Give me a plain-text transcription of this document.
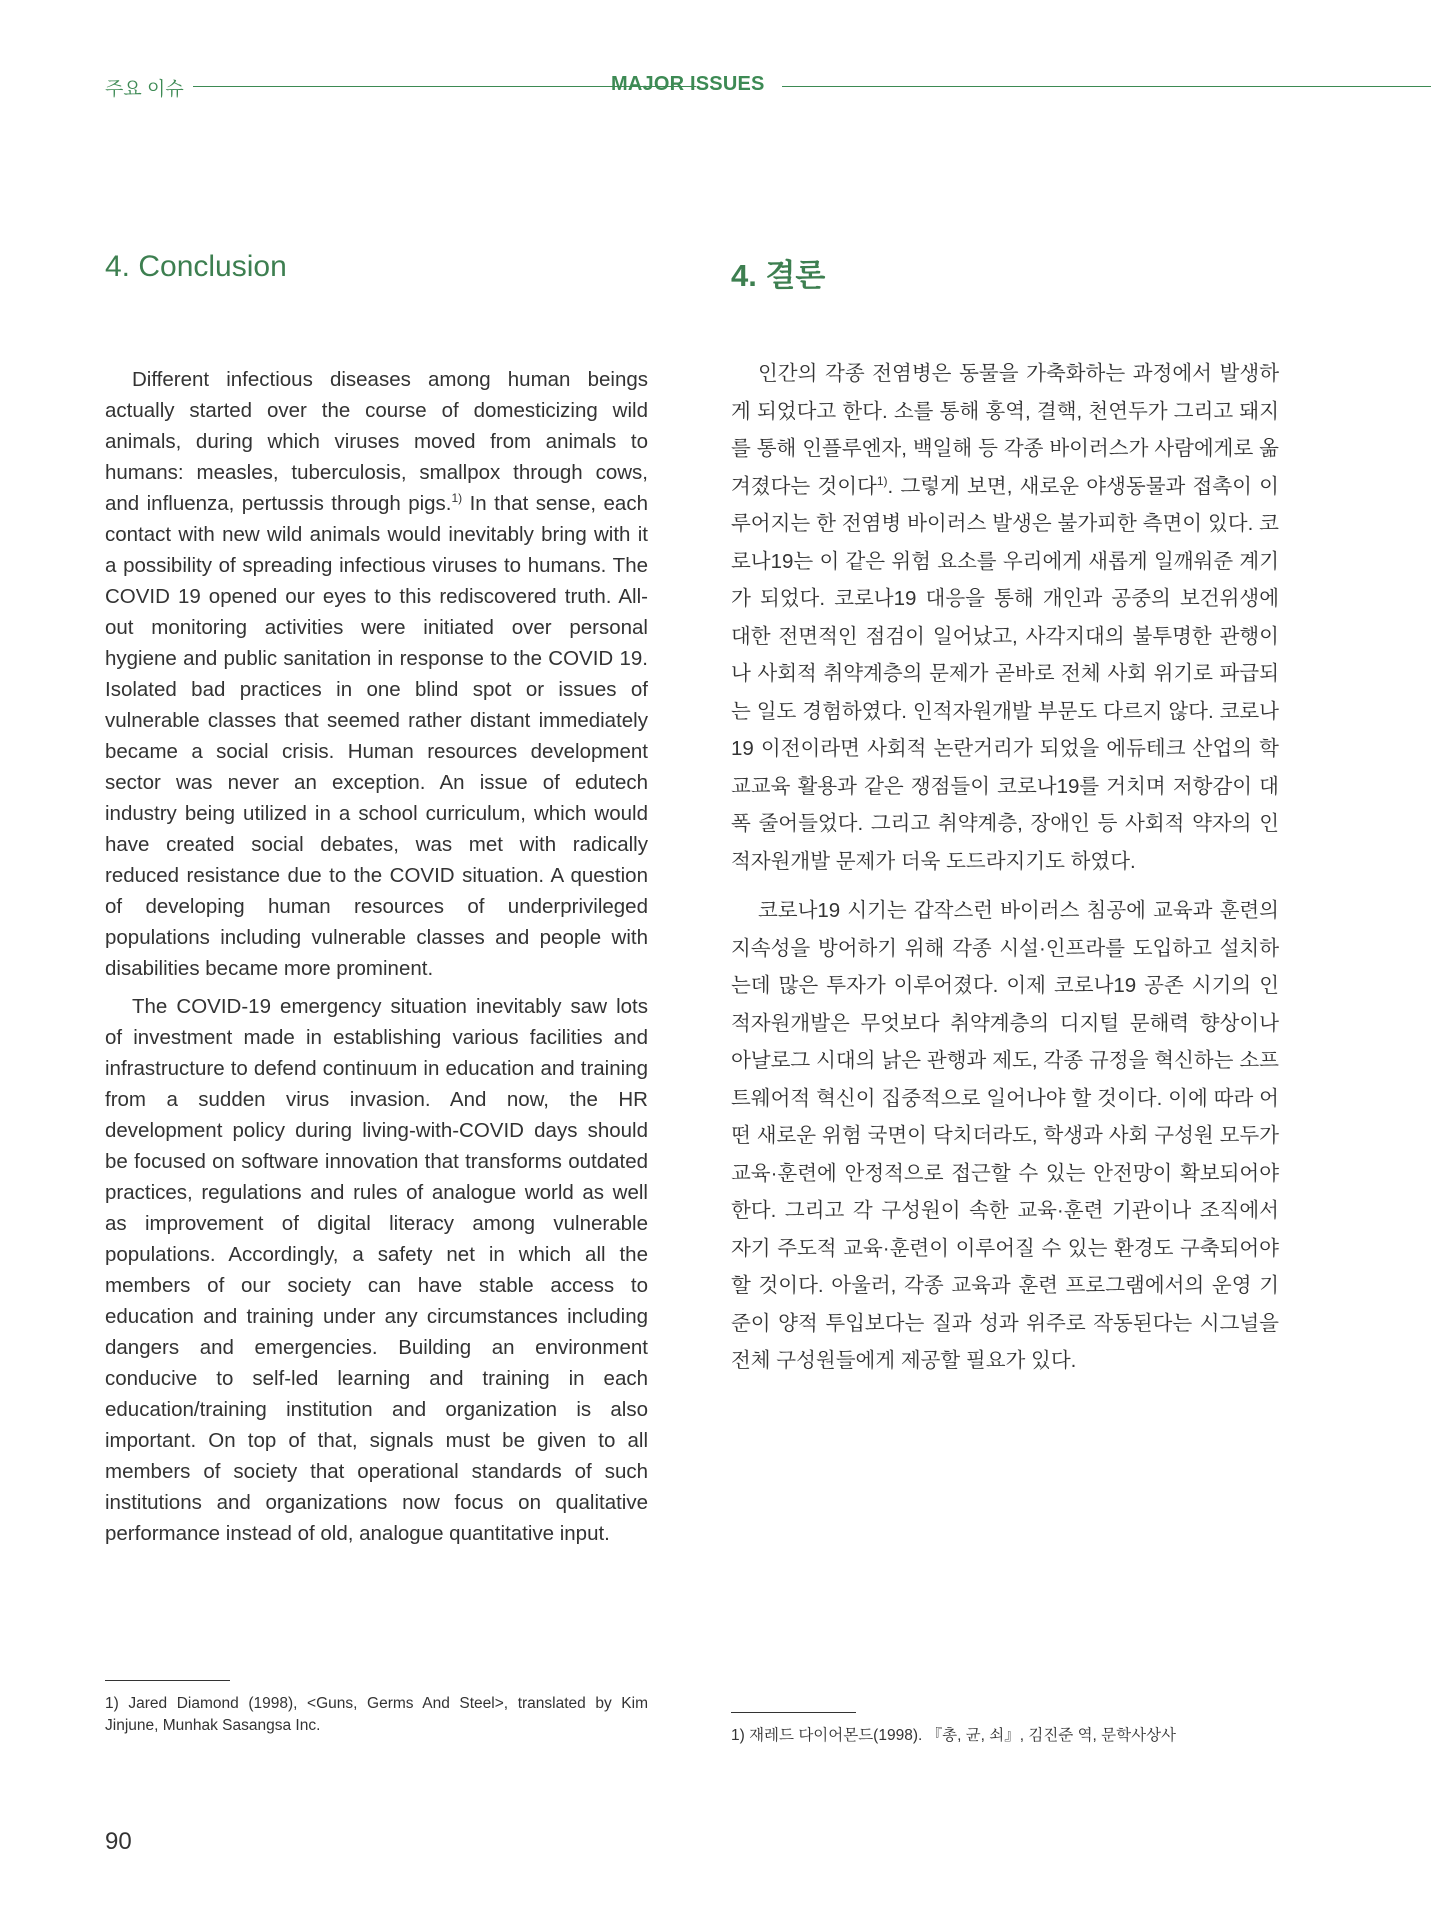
주요 이슈	MAJOR ISSUES
4. Conclusion

Different infectious diseases among human beings actually started over the course of domesticizing wild animals, during which viruses moved from animals to humans: measles, tuberculosis, smallpox through cows, and influenza, pertussis through pigs.$^{1)}$ In that sense, each contact with new wild animals would inevitably bring with it a possibility of spreading infectious viruses to humans. The COVID 19 opened our eyes to this rediscovered truth. All-out monitoring activities were initiated over personal hygiene and public sanitation in response to the COVID 19. Isolated bad practices in one blind spot or issues of vulnerable classes that seemed rather distant immediately became a social crisis. Human resources development sector was never an exception. An issue of edutech industry being utilized in a school curriculum, which would have created social debates, was met with radically reduced resistance due to the COVID situation. A question of developing human resources of underprivileged populations including vulnerable classes and people with disabilities became more prominent.

The COVID-19 emergency situation inevitably saw lots of investment made in establishing various facilities and infrastructure to defend continuum in education and training from a sudden virus invasion. And now, the HR development policy during living-with-COVID days should be focused on software innovation that transforms outdated practices, regulations and rules of analogue world as well as improvement of digital literacy among vulnerable populations. Accordingly, a safety net in which all the members of our society can have stable access to education and training under any circumstances including dangers and emergencies. Building an environment conducive to self-led learning and training in each education/training institution and organization is also important. On top of that, signals must be given to all members of society that operational standards of such institutions and organizations now focus on qualitative performance instead of old, analogue quantitative input.

4. 결론

인간의 각종 전염병은 동물을 가축화하는 과정에서 발생하게 되었다고 한다. 소를 통해 홍역, 결핵, 천연두가 그리고 돼지를 통해 인플루엔자, 백일해 등 각종 바이러스가 사람에게로 옮겨졌다는 것이다$^{1)}$. 그렇게 보면, 새로운 야생동물과 접촉이 이루어지는 한 전염병 바이러스 발생은 불가피한 측면이 있다. 코로나19는 이 같은 위험 요소를 우리에게 새롭게 일깨워준 계기가 되었다. 코로나19 대응을 통해 개인과 공중의 보건위생에 대한 전면적인 점검이 일어났고, 사각지대의 불투명한 관행이나 사회적 취약계층의 문제가 곧바로 전체 사회 위기로 파급되는 일도 경험하였다. 인적자원개발 부문도 다르지 않다. 코로나19 이전이라면 사회적 논란거리가 되었을 에듀테크 산업의 학교교육 활용과 같은 쟁점들이 코로나19를 거치며 저항감이 대폭 줄어들었다. 그리고 취약계층, 장애인 등 사회적 약자의 인적자원개발 문제가 더욱 도드라지기도 하였다.

코로나19 시기는 갑작스런 바이러스 침공에 교육과 훈련의 지속성을 방어하기 위해 각종 시설·인프라를 도입하고 설치하는데 많은 투자가 이루어졌다. 이제 코로나19 공존 시기의 인적자원개발은 무엇보다 취약계층의 디지털 문해력 향상이나 아날로그 시대의 낡은 관행과 제도, 각종 규정을 혁신하는 소프트웨어적 혁신이 집중적으로 일어나야 할 것이다. 이에 따라 어떤 새로운 위험 국면이 닥치더라도, 학생과 사회 구성원 모두가 교육·훈련에 안정적으로 접근할 수 있는 안전망이 확보되어야 한다. 그리고 각 구성원이 속한 교육·훈련 기관이나 조직에서 자기 주도적 교육·훈련이 이루어질 수 있는 환경도 구축되어야 할 것이다. 아울러, 각종 교육과 훈련 프로그램에서의 운영 기준이 양적 투입보다는 질과 성과 위주로 작동된다는 시그널을 전체 구성원들에게 제공할 필요가 있다.

1) Jared Diamond (1998), <Guns, Germs And Steel>, translated by Kim Jinjune, Munhak Sasangsa Inc.
1) 재레드 다이어몬드(1998). 『총, 균, 쇠』, 김진준 역, 문학사상사
90
